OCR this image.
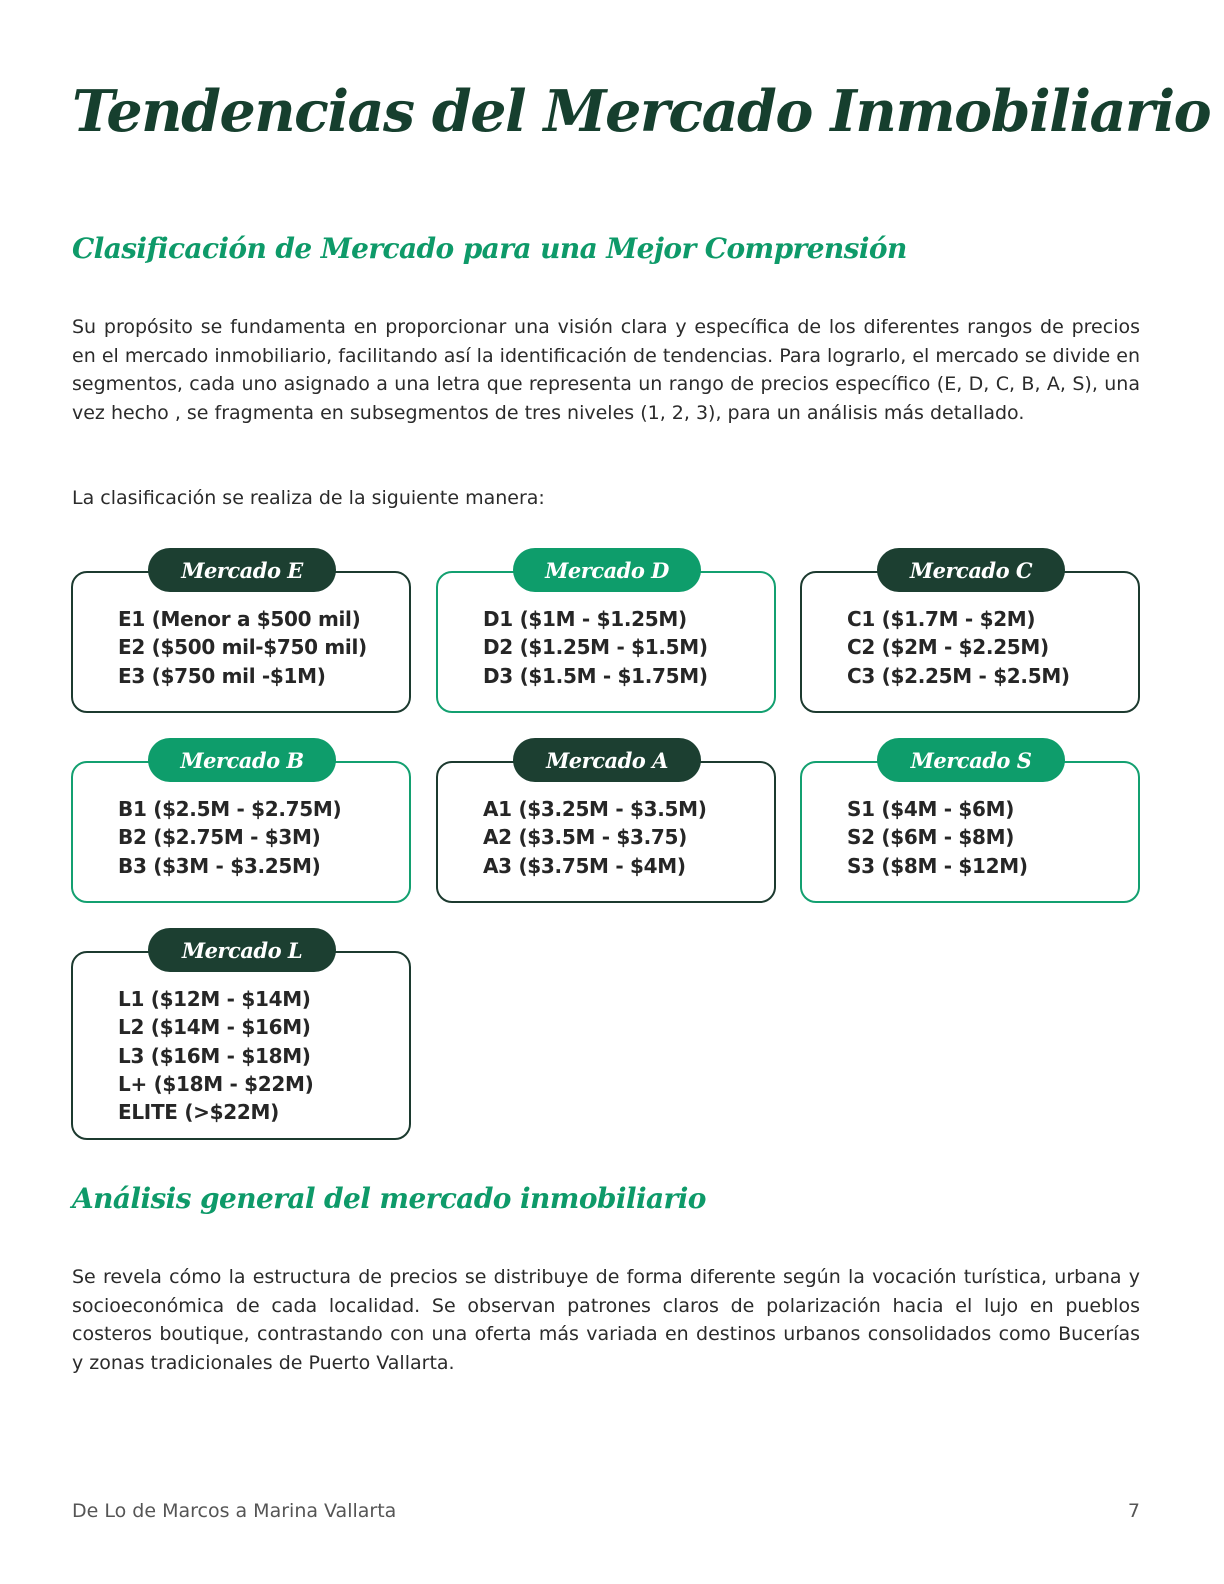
Tendencias del Mercado Inmobiliario
Clasificación de Mercado para una Mejor Comprensión

Su propósito se fundamenta en proporcionar una visión clara y específica de los diferentes rangos de precios en el mercado inmobiliario, facilitando así la identificación de tendencias. Para lograrlo, el mercado se divide en segmentos, cada uno asignado a una letra que representa un rango de precios específico (E, D, C, B, A, S), una vez hecho , se fragmenta en subsegmentos de tres niveles (1, 2, 3), para un análisis más detallado.

La clasificación se realiza de la siguiente manera:

Mercado E
E1 (Menor a $500 mil)
E2 ($500 mil-$750 mil)
E3 ($750 mil -$1M)
Mercado D
D1 ($1M - $1.25M)
D2 ($1.25M - $1.5M)
D3 ($1.5M - $1.75M)
Mercado C
C1 ($1.7M - $2M)
C2 ($2M - $2.25M)
C3 ($2.25M - $2.5M)
Mercado B
B1 ($2.5M - $2.75M)
B2 ($2.75M - $3M)
B3 ($3M - $3.25M)
Mercado A
A1 ($3.25M - $3.5M)
A2 ($3.5M - $3.75)
A3 ($3.75M - $4M)
Mercado S
S1 ($4M - $6M)
S2 ($6M - $8M)
S3 ($8M - $12M)
Mercado L
L1 ($12M - $14M)
L2 ($14M - $16M)
L3 ($16M - $18M)
L+ ($18M - $22M)
ELITE (>$22M)
Análisis general del mercado inmobiliario

Se revela cómo la estructura de precios se distribuye de forma diferente según la vocación turística, urbana y socioeconómica de cada localidad. Se observan patrones claros de polarización hacia el lujo en pueblos costeros boutique, contrastando con una oferta más variada en destinos urbanos consolidados como Bucerías y zonas tradicionales de Puerto Vallarta.

De Lo de Marcos a Marina Vallarta	7
